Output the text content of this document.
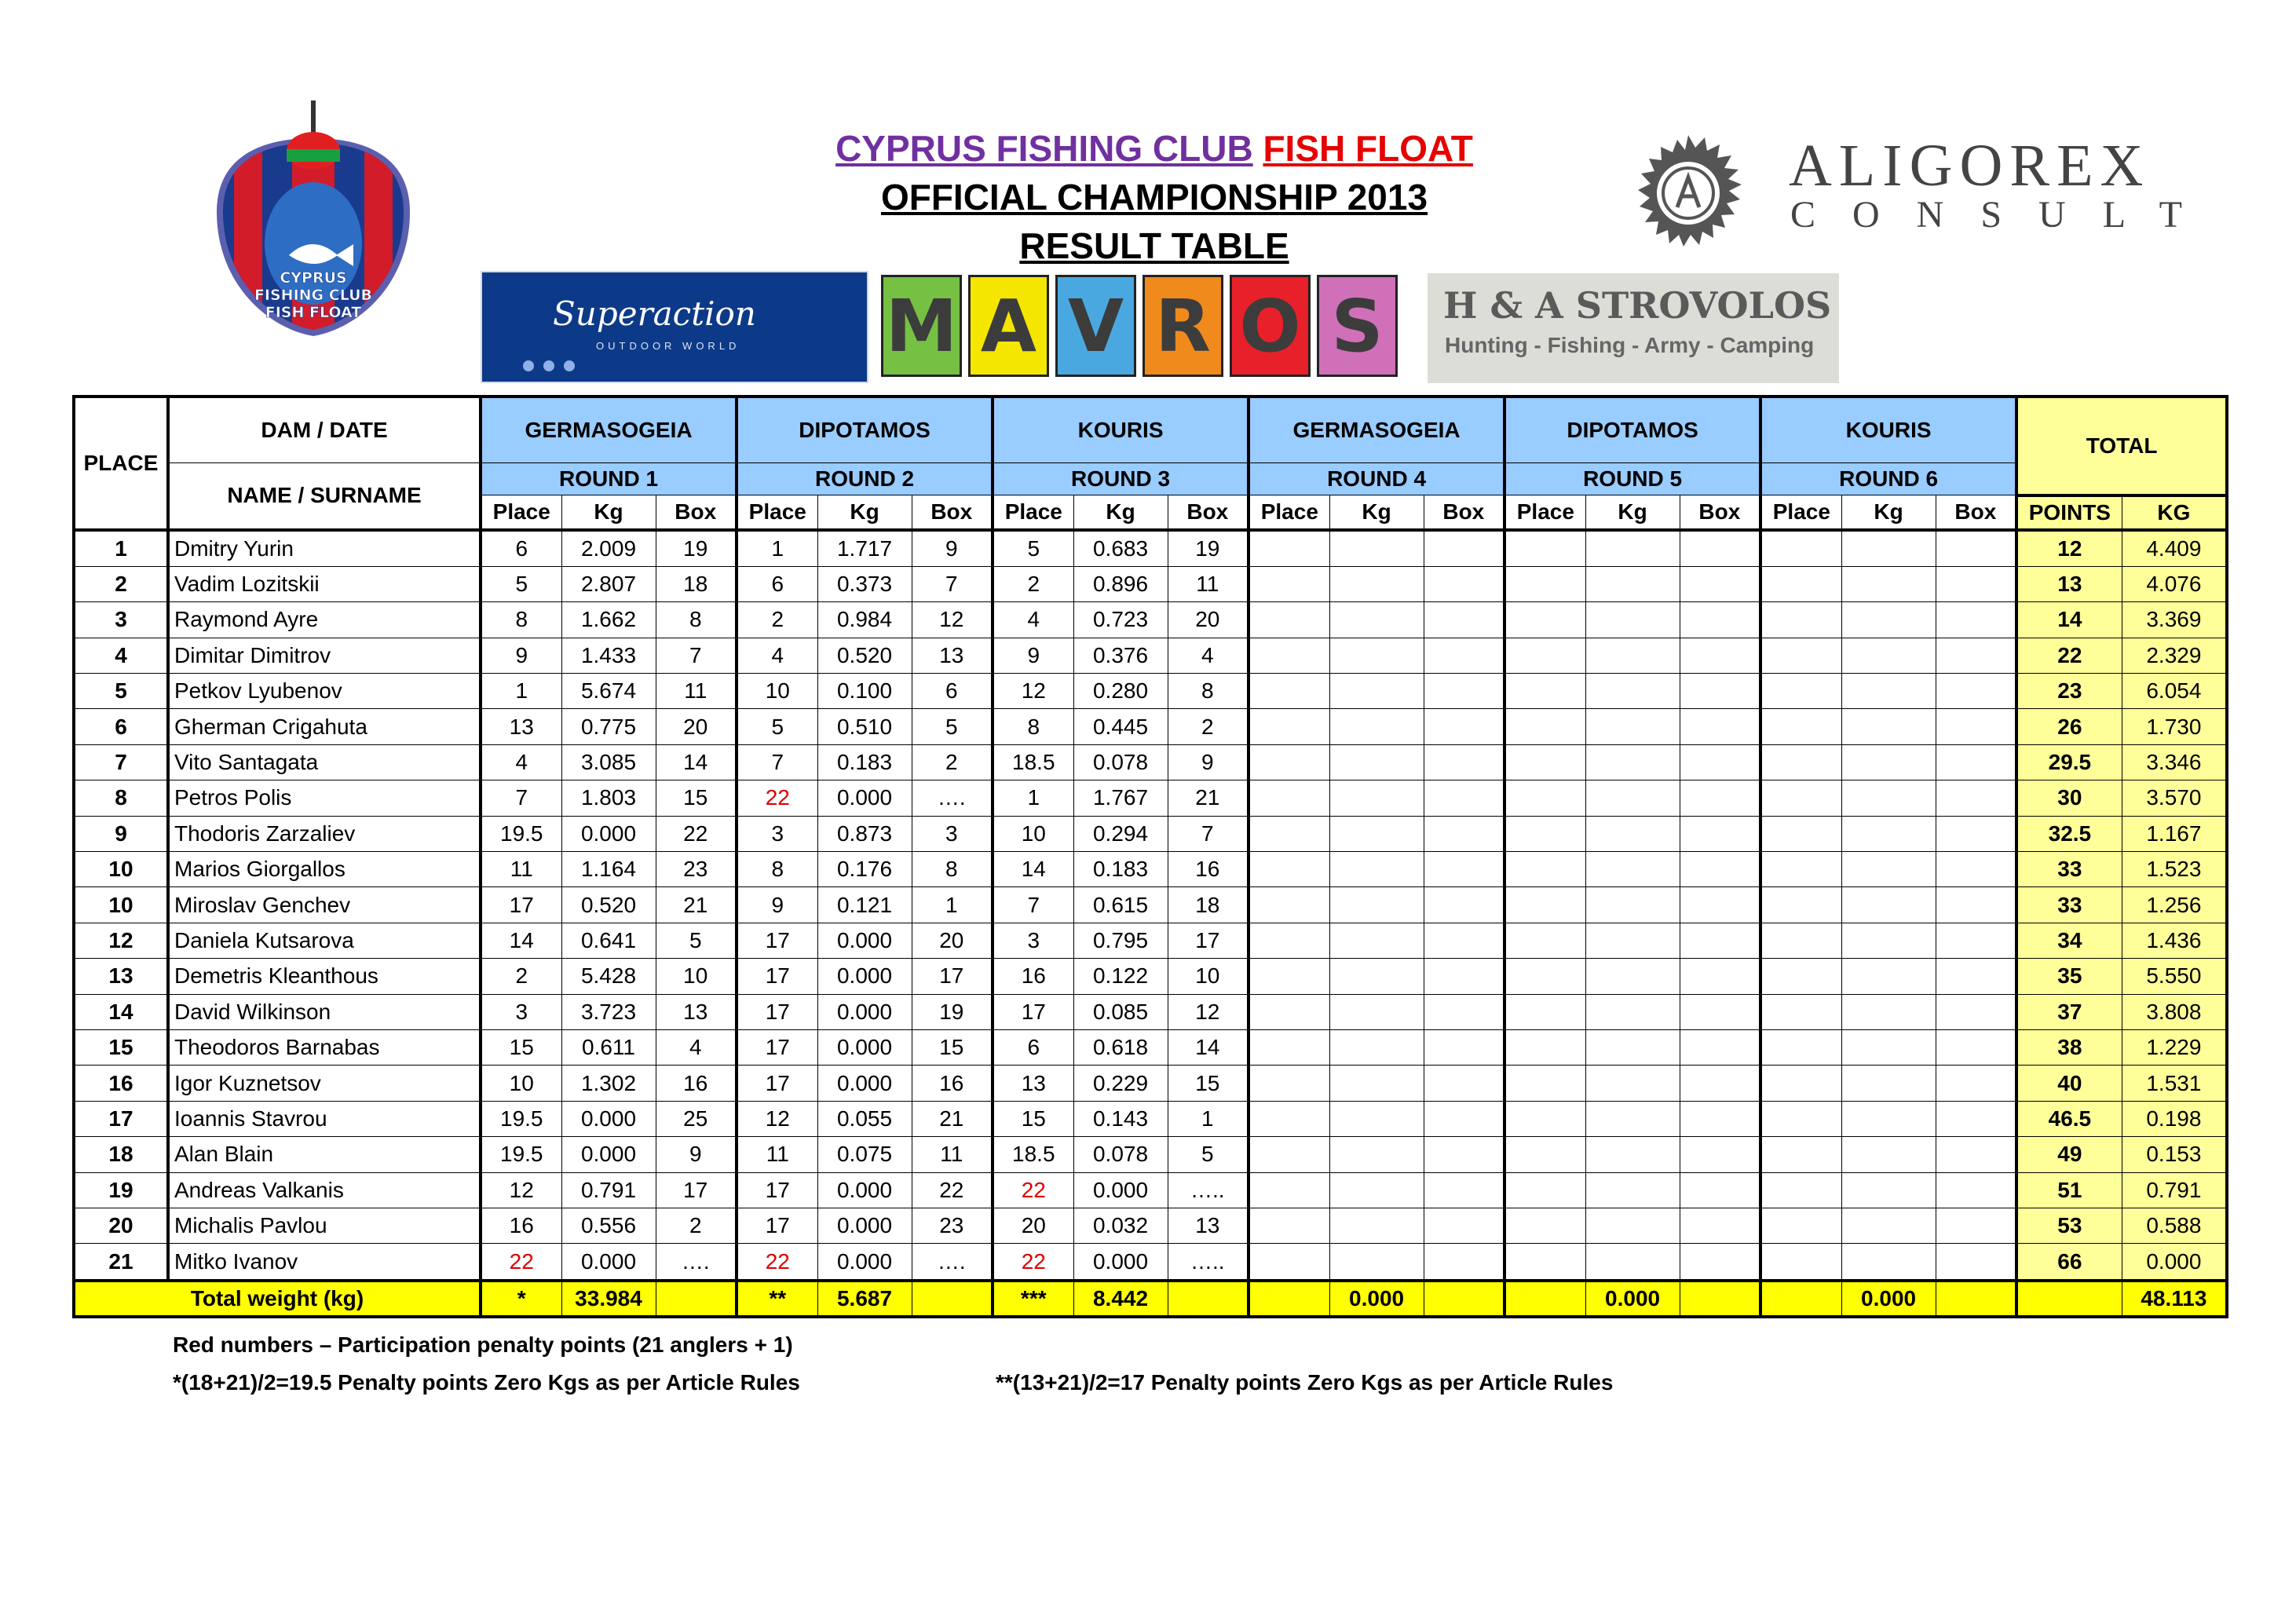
CYPRUS FISHING CLUB FISH FLOAT
OFFICIAL CHAMPIONSHIP 2013
RESULT TABLE
CYPRUS
FISHING CLUB
FISH FLOAT
ALIGOREX
CONSULT
Superaction
OUTDOOR WORLD M A V R O S	H & A STROVOLOS
Hunting - Fishing - Army - Camping
PLACE	DAM / DATE	GERMASOGEIA			DIPOTAMOS			KOURIS			GERMASOGEIA			DIPOTAMOS			KOURIS			TOTAL	
	NAME / SURNAME	ROUND 1			ROUND 2			ROUND 3			ROUND 4			ROUND 5			ROUND 6				
		Place	Kg	Box	Place	Kg	Box	Place	Kg	Box	Place	Kg	Box	Place	Kg	Box	Place	Kg	Box	POINTS	KG
1	Dmitry Yurin	6	2.009	19	1	1.717	9	5	0.683	19										12	4.409
2	Vadim Lozitskii	5	2.807	18	6	0.373	7	2	0.896	11										13	4.076
3	Raymond Ayre	8	1.662	8	2	0.984	12	4	0.723	20										14	3.369
4	Dimitar Dimitrov	9	1.433	7	4	0.520	13	9	0.376	4										22	2.329
5	Petkov Lyubenov	1	5.674	11	10	0.100	6	12	0.280	8										23	6.054
6	Gherman Crigahuta	13	0.775	20	5	0.510	5	8	0.445	2										26	1.730
7	Vito Santagata	4	3.085	14	7	0.183	2	18.5	0.078	9										29.5	3.346
8	Petros Polis	7	1.803	15	22	0.000	….	1	1.767	21										30	3.570
9	Thodoris Zarzaliev	19.5	0.000	22	3	0.873	3	10	0.294	7										32.5	1.167
10	Marios Giorgallos	11	1.164	23	8	0.176	8	14	0.183	16										33	1.523
10	Miroslav Genchev	17	0.520	21	9	0.121	1	7	0.615	18										33	1.256
12	Daniela Kutsarova	14	0.641	5	17	0.000	20	3	0.795	17										34	1.436
13	Demetris Kleanthous	2	5.428	10	17	0.000	17	16	0.122	10										35	5.550
14	David Wilkinson	3	3.723	13	17	0.000	19	17	0.085	12										37	3.808
15	Theodoros Barnabas	15	0.611	4	17	0.000	15	6	0.618	14										38	1.229
16	Igor Kuznetsov	10	1.302	16	17	0.000	16	13	0.229	15										40	1.531
17	Ioannis Stavrou	19.5	0.000	25	12	0.055	21	15	0.143	1										46.5	0.198
18	Alan Blain	19.5	0.000	9	11	0.075	11	18.5	0.078	5										49	0.153
19	Andreas Valkanis	12	0.791	17	17	0.000	22	22	0.000	…..										51	0.791
20	Michalis Pavlou	16	0.556	2	17	0.000	23	20	0.032	13										53	0.588
21	Mitko Ivanov	22	0.000	….	22	0.000	….	22	0.000	…..										66	0.000
Total weight (kg)		*	33.984		**	5.687		***	8.442			0.000			0.000			0.000			48.113
Red numbers – Participation penalty points (21 anglers + 1)
*(18+21)/2=19.5 Penalty points Zero Kgs as per Article Rules	**(13+21)/2=17 Penalty points Zero Kgs as per Article Rules
